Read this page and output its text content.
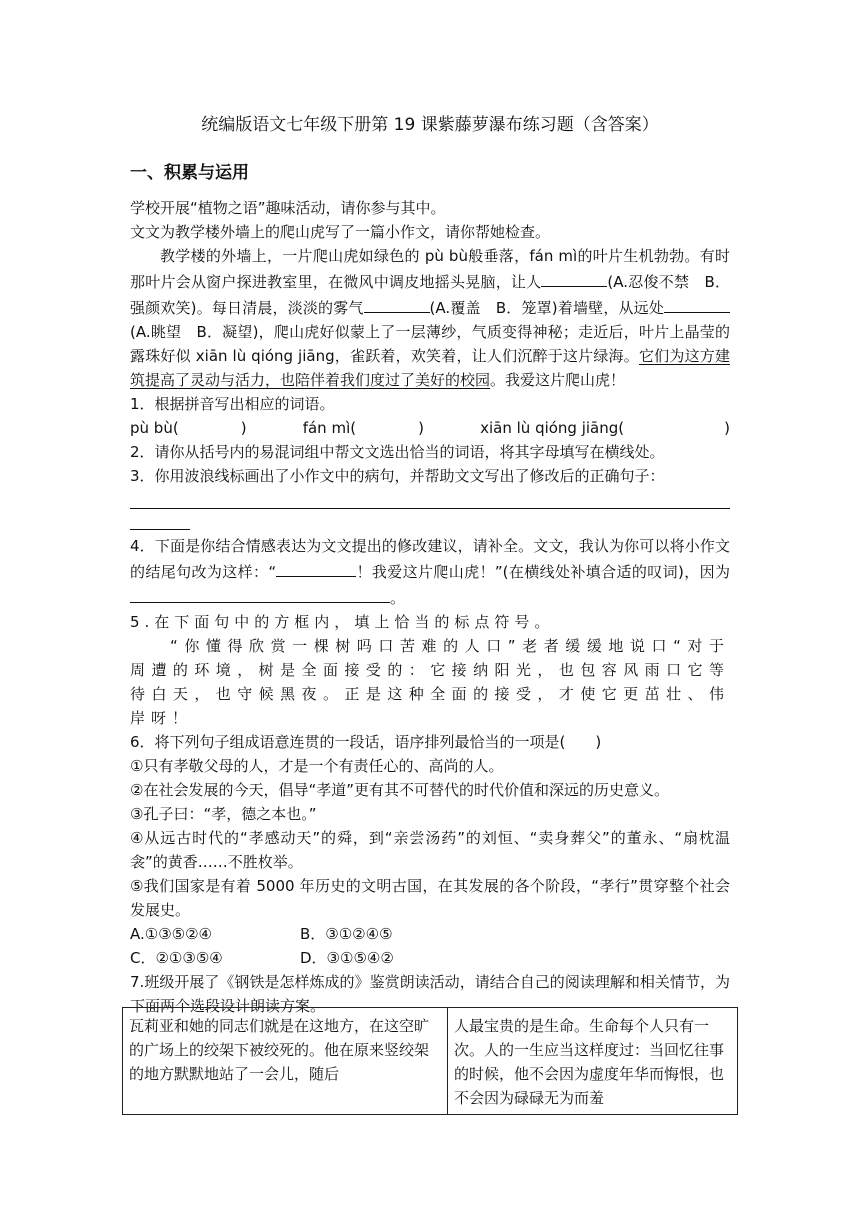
统编版语文七年级下册第 19 课紫藤萝瀑布练习题（含答案）
一、积累与运用

学校开展“植物之语”趣味活动，请你参与其中。

文文为教学楼外墙上的爬山虎写了一篇小作文，请你帮她检查。

教学楼的外墙上，一片爬山虎如绿色的 pù bù般垂落，fán mì的叶片生机勃勃。有时那叶片会从窗户探进教室里，在微风中调皮地摇头晃脑，让人	(A.忍俊不禁　B．强颜欢笑)。每日清晨，淡淡的雾气	(A.覆盖　B．笼罩)着墙壁，从远处(A.眺望　B．凝望)，爬山虎好似蒙上了一层薄纱，气质变得神秘；走近后，叶片上晶莹的露珠好似 xiān lù qióng jiāng，雀跃着，欢笑着，让人们沉醉于这片绿海。它们为这方建筑提高了灵动与活力，也陪伴着我们度过了美好的校园。我爱这片爬山虎！

1．根据拼音写出相应的词语。

pù bù(	)	fán mì(	)	xiān lù qióng jiāng(	)

2．请你从括号内的易混词组中帮文文选出恰当的词语，将其字母填写在横线处。

3．你用波浪线标画出了小作文中的病句，并帮助文文写出了修改后的正确句子：

4．下面是你结合情感表达为文文提出的修改建议，请补全。文文，我认为你可以将小作文的结尾句改为这样：“	！我爱这片爬山虎！”(在横线处补填合适的叹词)，因为。

5.在下面句中的方框内，填上恰当的标点符号。

“你懂得欣赏一棵树吗口苦难的人口”老者缓缓地说口“对于周遭的环境，树是全面接受的：它接纳阳光，也包容风雨口它等待白天，也守候黑夜。正是这种全面的接受，才使它更茁壮、伟岸呀！

6．将下列句子组成语意连贯的一段话，语序排列最恰当的一项是(　　)

①只有孝敬父母的人，才是一个有责任心的、高尚的人。

②在社会发展的今天，倡导“孝道”更有其不可替代的时代价值和深远的历史意义。

③孔子曰：“孝，德之本也。”

④从远古时代的“孝感动天”的舜，到“亲尝汤药”的刘恒、“卖身葬父”的董永、“扇枕温衾”的黄香……不胜枚举。

⑤我们国家是有着 5000 年历史的文明古国，在其发展的各个阶段，“孝行”贯穿整个社会发展史。

A.①③⑤②④	B．③①②④⑤
C．②①③⑤④	D．③①⑤④②

7.班级开展了《钢铁是怎样炼成的》鉴赏朗读活动，请结合自己的阅读理解和相关情节，为下面两个选段设计朗读方案。

瓦莉亚和她的同志们就是在这地方，在这空旷的广场上的绞架下被绞死的。他在原来竖绞架的地方默默地站了一会儿，随后	人最宝贵的是生命。生命每个人只有一次。人的一生应当这样度过：当回忆往事的时候，他不会因为虚度年华而悔恨，也不会因为碌碌无为而羞
